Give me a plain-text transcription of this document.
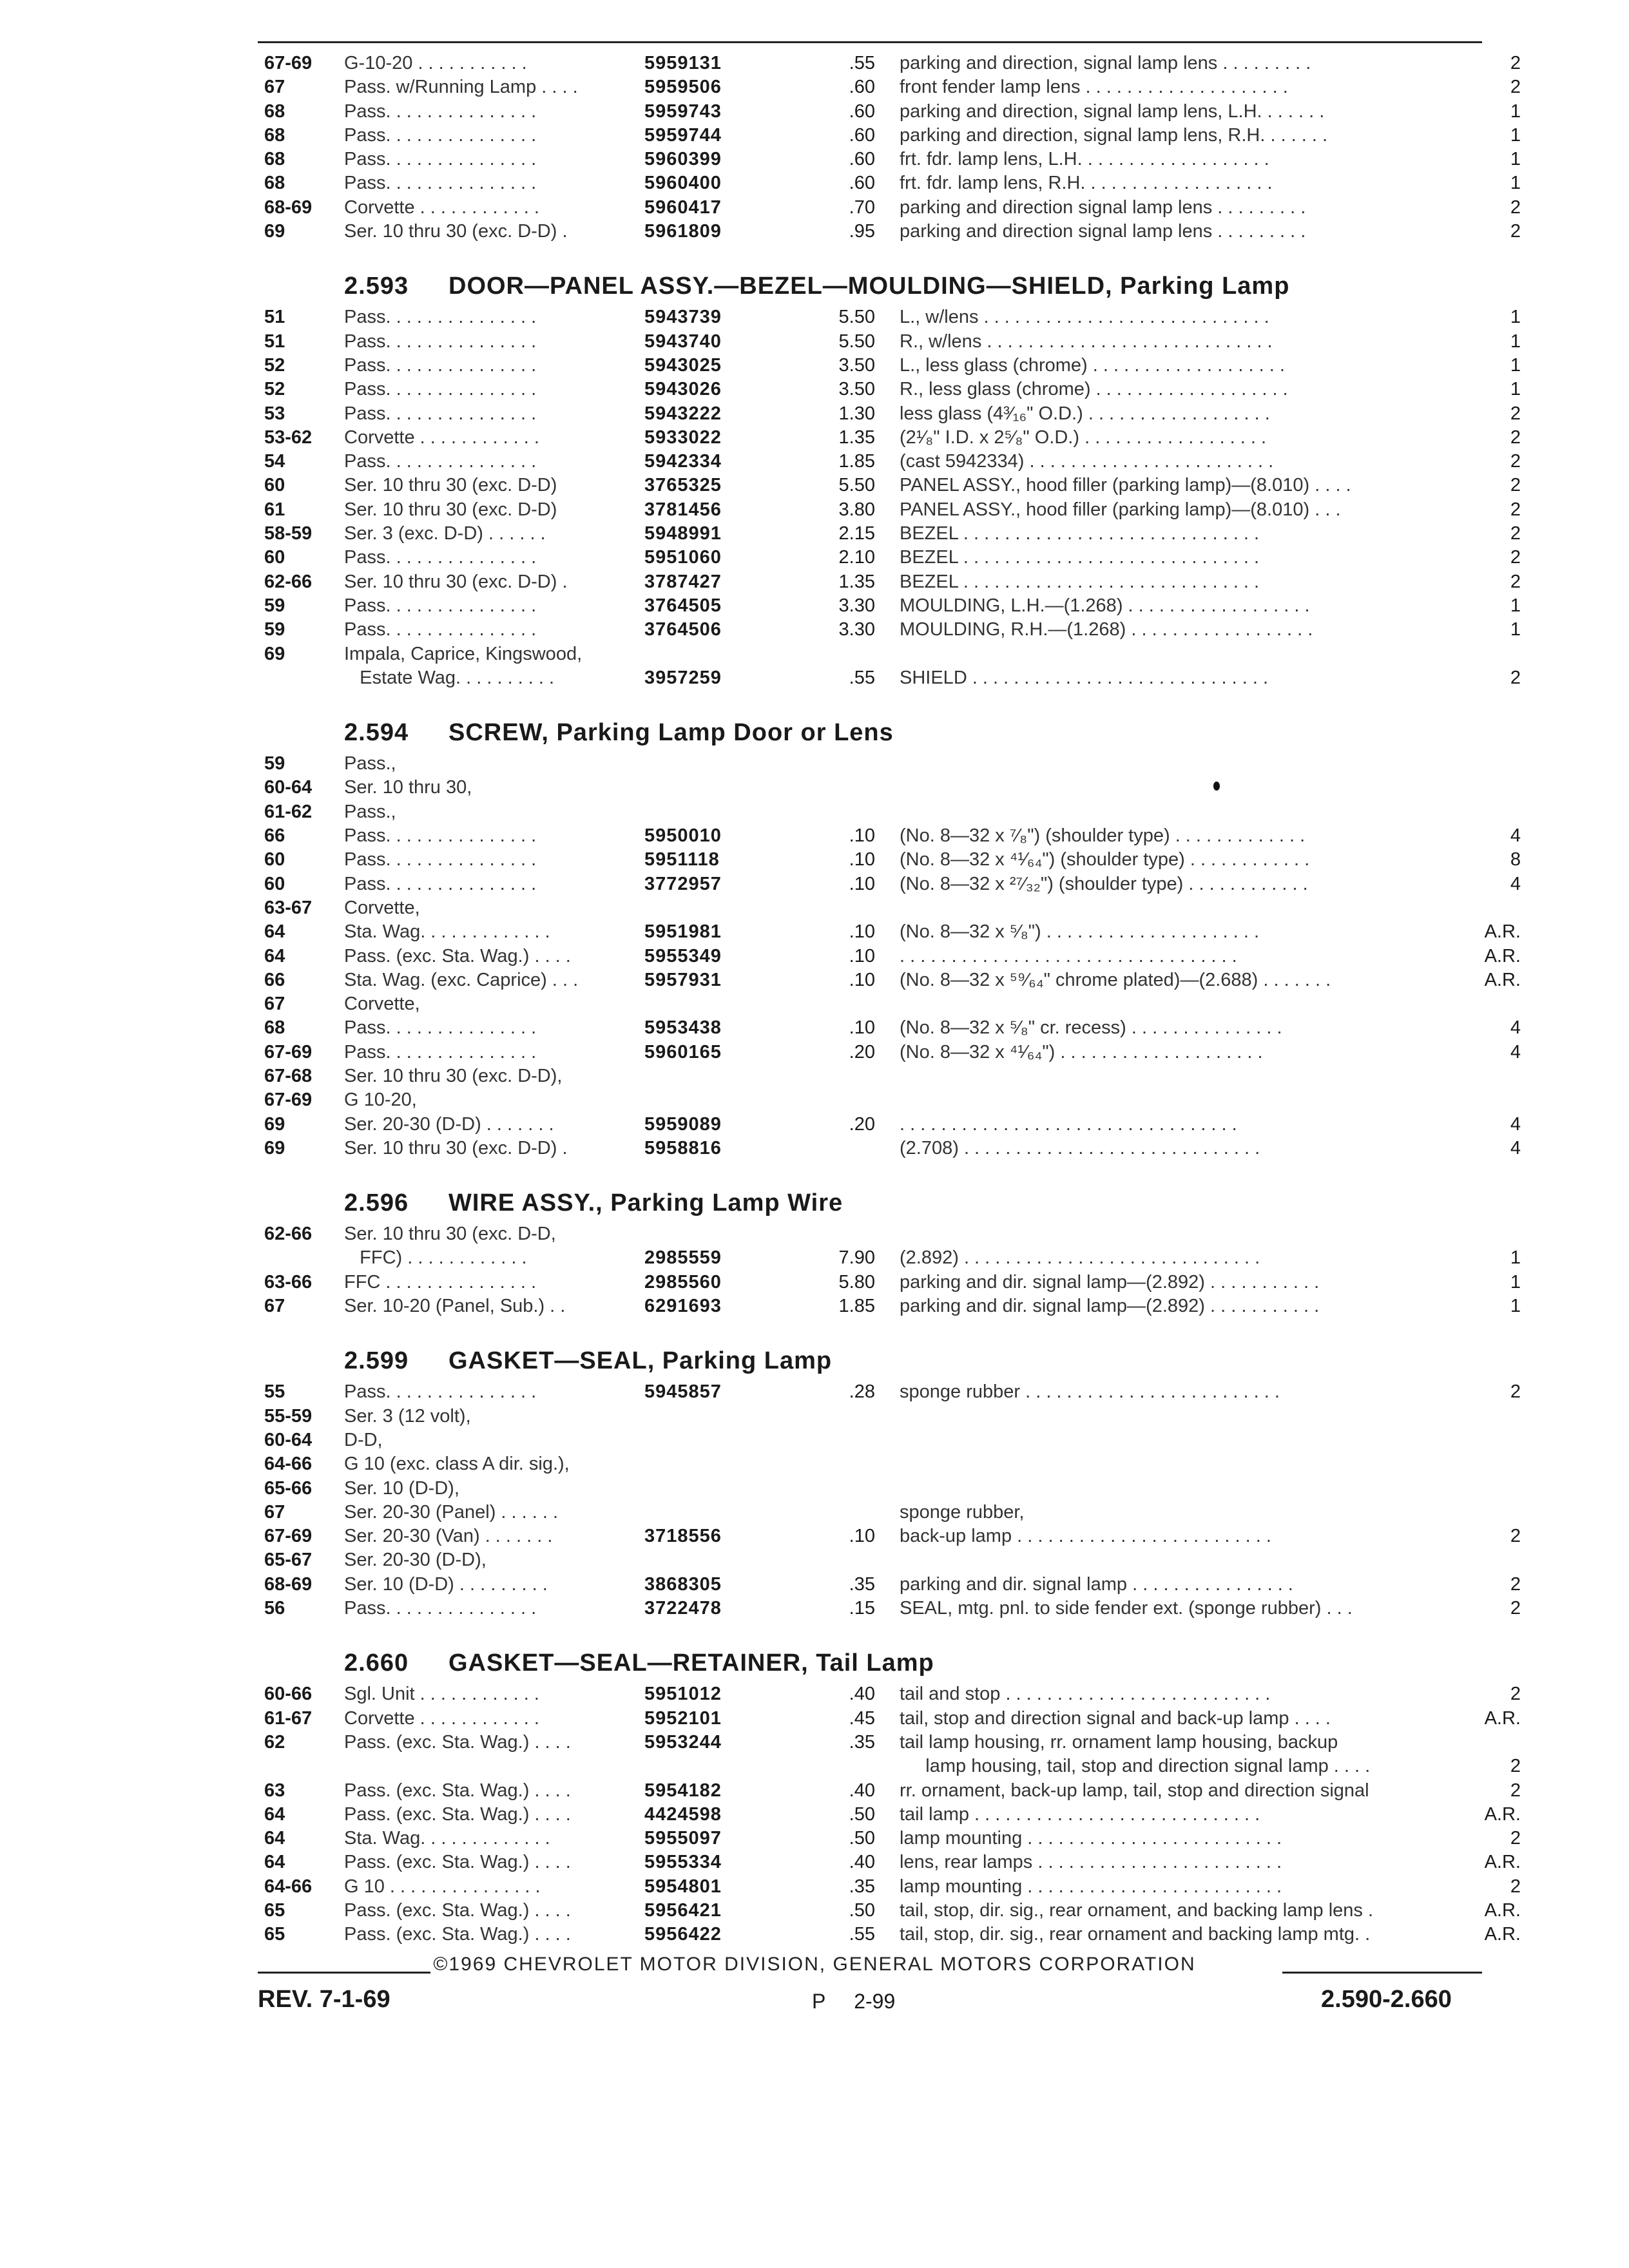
67-69 G-10-20 . . . . . . . . . . .	5959131	.55 parking and direction, signal lamp lens . . . . . . . . .	2
67	Pass. w/Running Lamp . . . .	5959506	.60 front fender lamp lens . . . . . . . . . . . . . . . . . . . .	2
68	Pass. . . . . . . . . . . . . . .	5959743	.60 parking and direction, signal lamp lens, L.H. . . . . . .	1
68	Pass. . . . . . . . . . . . . . .	5959744	.60 parking and direction, signal lamp lens, R.H. . . . . . .	1
68	Pass. . . . . . . . . . . . . . .	5960399	.60 frt. fdr. lamp lens, L.H. . . . . . . . . . . . . . . . . . .	1
68	Pass. . . . . . . . . . . . . . .	5960400	.60 frt. fdr. lamp lens, R.H. . . . . . . . . . . . . . . . . . .	1
68-69 Corvette . . . . . . . . . . . .	5960417	.70 parking and direction signal lamp lens . . . . . . . . .	2
69	Ser. 10 thru 30 (exc. D-D) .	5961809	.95 parking and direction signal lamp lens . . . . . . . . .	2
2.593 DOOR—PANEL ASSY.—BEZEL—MOULDING—SHIELD, Parking Lamp
51	Pass. . . . . . . . . . . . . . .	5943739	5.50 L., w/lens . . . . . . . . . . . . . . . . . . . . . . . . . . . .	1
51	Pass. . . . . . . . . . . . . . .	5943740	5.50 R., w/lens . . . . . . . . . . . . . . . . . . . . . . . . . . . .	1
52	Pass. . . . . . . . . . . . . . .	5943025	3.50 L., less glass (chrome) . . . . . . . . . . . . . . . . . . .	1
52	Pass. . . . . . . . . . . . . . .	5943026	3.50 R., less glass (chrome) . . . . . . . . . . . . . . . . . . .	1
53	Pass. . . . . . . . . . . . . . .	5943222	1.30 less glass (4³⁄₁₆" O.D.) . . . . . . . . . . . . . . . . . .	2
53-62 Corvette . . . . . . . . . . . .	5933022	1.35 (2¹⁄₈" I.D. x 2⁵⁄₈" O.D.) . . . . . . . . . . . . . . . . . .	2
54	Pass. . . . . . . . . . . . . . .	5942334	1.85 (cast 5942334) . . . . . . . . . . . . . . . . . . . . . . . .	2
60	Ser. 10 thru 30 (exc. D-D)	3765325	5.50 PANEL ASSY., hood filler (parking lamp)—(8.010) . . . .	2
61	Ser. 10 thru 30 (exc. D-D)	3781456	3.80 PANEL ASSY., hood filler (parking lamp)—(8.010) . . .	2
58-59 Ser. 3 (exc. D-D) . . . . . .	5948991	2.15 BEZEL . . . . . . . . . . . . . . . . . . . . . . . . . . . . .	2
60	Pass. . . . . . . . . . . . . . .	5951060	2.10 BEZEL . . . . . . . . . . . . . . . . . . . . . . . . . . . . .	2
62-66 Ser. 10 thru 30 (exc. D-D) .	3787427	1.35 BEZEL . . . . . . . . . . . . . . . . . . . . . . . . . . . . .	2
59	Pass. . . . . . . . . . . . . . .	3764505	3.30 MOULDING, L.H.—(1.268) . . . . . . . . . . . . . . . . . .	1
59	Pass. . . . . . . . . . . . . . .	3764506	3.30 MOULDING, R.H.—(1.268) . . . . . . . . . . . . . . . . . .	1
69	Impala, Caprice, Kingswood,
Estate Wag. . . . . . . . . .	3957259	.55 SHIELD . . . . . . . . . . . . . . . . . . . . . . . . . . . . .	2
2.594 SCREW, Parking Lamp Door or Lens
59	Pass.,
60-64 Ser. 10 thru 30,
61-62 Pass.,
66	Pass. . . . . . . . . . . . . . .	5950010	.10 (No. 8—32 x ⁷⁄₈") (shoulder type) . . . . . . . . . . . . .	4
60	Pass. . . . . . . . . . . . . . .	5951118	.10 (No. 8—32 x ⁴¹⁄₆₄") (shoulder type) . . . . . . . . . . . .	8
60	Pass. . . . . . . . . . . . . . .	3772957	.10 (No. 8—32 x ²⁷⁄₃₂") (shoulder type) . . . . . . . . . . . .	4
63-67 Corvette,
64	Sta. Wag. . . . . . . . . . . . .	5951981	.10 (No. 8—32 x ⁵⁄₈") . . . . . . . . . . . . . . . . . . . . .	A.R.
64	Pass. (exc. Sta. Wag.) . . . .	5955349	.10 . . . . . . . . . . . . . . . . . . . . . . . . . . . . . . . . .	A.R.
66	Sta. Wag. (exc. Caprice) . . .	5957931	.10 (No. 8—32 x ⁵⁹⁄₆₄" chrome plated)—(2.688) . . . . . . .	A.R.
67	Corvette,
68	Pass. . . . . . . . . . . . . . .	5953438	.10 (No. 8—32 x ⁵⁄₈" cr. recess) . . . . . . . . . . . . . . .	4
67-69 Pass. . . . . . . . . . . . . . .	5960165	.20 (No. 8—32 x ⁴¹⁄₆₄") . . . . . . . . . . . . . . . . . . . .	4
67-68 Ser. 10 thru 30 (exc. D-D),
67-69 G 10-20,
69	Ser. 20-30 (D-D) . . . . . . .	5959089	.20 . . . . . . . . . . . . . . . . . . . . . . . . . . . . . . . . .	4
69	Ser. 10 thru 30 (exc. D-D) .	5958816	(2.708) . . . . . . . . . . . . . . . . . . . . . . . . . . . . .	4
2.596 WIRE ASSY., Parking Lamp Wire
62-66 Ser. 10 thru 30 (exc. D-D,
FFC) . . . . . . . . . . . .	2985559	7.90 (2.892) . . . . . . . . . . . . . . . . . . . . . . . . . . . . .	1
63-66 FFC . . . . . . . . . . . . . . .	2985560	5.80 parking and dir. signal lamp—(2.892) . . . . . . . . . . .	1
67	Ser. 10-20 (Panel, Sub.) . .	6291693	1.85 parking and dir. signal lamp—(2.892) . . . . . . . . . . .	1
2.599 GASKET—SEAL, Parking Lamp
55	Pass. . . . . . . . . . . . . . .	5945857	.28 sponge rubber . . . . . . . . . . . . . . . . . . . . . . . . .	2
55-59 Ser. 3 (12 volt),
60-64 D-D,
64-66 G 10 (exc. class A dir. sig.),
65-66 Ser. 10 (D-D),
67	Ser. 20-30 (Panel) . . . . . .	sponge rubber,
67-69 Ser. 20-30 (Van) . . . . . . .	3718556	.10 back-up lamp . . . . . . . . . . . . . . . . . . . . . . . . .	2
65-67 Ser. 20-30 (D-D),
68-69 Ser. 10 (D-D) . . . . . . . . .	3868305	.35 parking and dir. signal lamp . . . . . . . . . . . . . . . .	2
56	Pass. . . . . . . . . . . . . . .	3722478	.15 SEAL, mtg. pnl. to side fender ext. (sponge rubber) . . .	2
2.660 GASKET—SEAL—RETAINER, Tail Lamp
60-66 Sgl. Unit . . . . . . . . . . . .	5951012	.40 tail and stop . . . . . . . . . . . . . . . . . . . . . . . . . .	2
61-67 Corvette . . . . . . . . . . . .	5952101	.45 tail, stop and direction signal and back-up lamp . . . .	A.R.
62	Pass. (exc. Sta. Wag.) . . . .	5953244	.35 tail lamp housing, rr. ornament lamp housing, backup
lamp housing, tail, stop and direction signal lamp . . . .	2
63	Pass. (exc. Sta. Wag.) . . . .	5954182	.40 rr. ornament, back-up lamp, tail, stop and direction signal	2
64	Pass. (exc. Sta. Wag.) . . . .	4424598	.50 tail lamp . . . . . . . . . . . . . . . . . . . . . . . . . . . .	A.R.
64	Sta. Wag. . . . . . . . . . . . .	5955097	.50 lamp mounting . . . . . . . . . . . . . . . . . . . . . . . . .	2
64	Pass. (exc. Sta. Wag.) . . . .	5955334	.40 lens, rear lamps . . . . . . . . . . . . . . . . . . . . . . . .	A.R.
64-66 G 10 . . . . . . . . . . . . . . .	5954801	.35 lamp mounting . . . . . . . . . . . . . . . . . . . . . . . . .	2
65	Pass. (exc. Sta. Wag.) . . . .	5956421	.50 tail, stop, dir. sig., rear ornament, and backing lamp lens .	A.R.
65	Pass. (exc. Sta. Wag.) . . . .	5956422	.55 tail, stop, dir. sig., rear ornament and backing lamp mtg. .	A.R.
©1969 CHEVROLET MOTOR DIVISION, GENERAL MOTORS CORPORATION
REV. 7-1-69	P     2-99	2.590-2.660
